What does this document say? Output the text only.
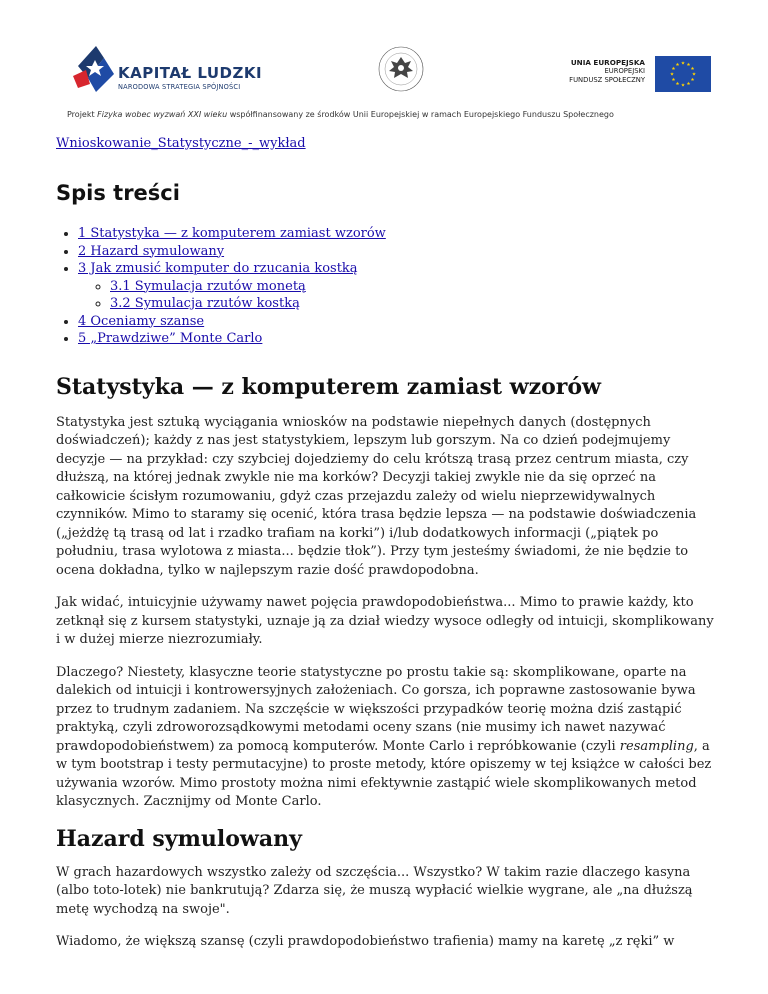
KAPITAŁ LUDZKI
NARODOWA STRATEGIA SPÓJNOŚCI
UNIA EUROPEJSKA
EUROPEJSKI
FUNDUSZ SPOŁECZNY
Projekt Fizyka wobec wyzwań XXI wieku współfinansowany ze środków Unii Europejskiej w ramach Europejskiego Funduszu Społecznego
Wnioskowanie_Statystyczne_-_wykład
Spis treści
• 1 Statystyka — z komputerem zamiast wzorów
• 2 Hazard symulowany
• 3 Jak zmusić komputer do rzucania kostką
◦ 3.1 Symulacja rzutów monetą
◦ 3.2 Symulacja rzutów kostką
• 4 Oceniamy szanse
• 5 „Prawdziwe” Monte Carlo
Statystyka — z komputerem zamiast wzorów

Statystyka jest sztuką wyciągania wniosków na podstawie niepełnych danych (dostępnych doświadczeń); każdy z nas jest statystykiem, lepszym lub gorszym. Na co dzień podejmujemy decyzje — na przykład: czy szybciej dojedziemy do celu krótszą trasą przez centrum miasta, czy dłuższą, na której jednak zwykle nie ma korków? Decyzji takiej zwykle nie da się oprzeć na całkowicie ścisłym rozumowaniu, gdyż czas przejazdu zależy od wielu nieprzewidywalnych czynników. Mimo to staramy się ocenić, która trasa będzie lepsza — na podstawie doświadczenia („jeżdżę tą trasą od lat i rzadko trafiam na korki”) i/lub dodatkowych informacji („piątek po południu, trasa wylotowa z miasta... będzie tłok”). Przy tym jesteśmy świadomi, że nie będzie to ocena dokładna, tylko w najlepszym razie dość prawdopodobna.

Jak widać, intuicyjnie używamy nawet pojęcia prawdopodobieństwa... Mimo to prawie każdy, kto zetknął się z kursem statystyki, uznaje ją za dział wiedzy wysoce odległy od intuicji, skomplikowany i w dużej mierze niezrozumiały.

Dlaczego? Niestety, klasyczne teorie statystyczne po prostu takie są: skomplikowane, oparte na dalekich od intuicji i kontrowersyjnych założeniach. Co gorsza, ich poprawne zastosowanie bywa przez to trudnym zadaniem. Na szczęście w większości przypadków teorię można dziś zastąpić praktyką, czyli zdroworozsądkowymi metodami oceny szans (nie musimy ich nawet nazywać prawdopodobieństwem) za pomocą komputerów. Monte Carlo i repróbkowanie (czyli resampling, a w tym bootstrap i testy permutacyjne) to proste metody, które opiszemy w tej książce w całości bez używania wzorów. Mimo prostoty można nimi efektywnie zastąpić wiele skomplikowanych metod klasycznych. Zacznijmy od Monte Carlo.

Hazard symulowany

W grach hazardowych wszystko zależy od szczęścia... Wszystko? W takim razie dlaczego kasyna (albo toto-lotek) nie bankrutują? Zdarza się, że muszą wypłacić wielkie wygrane, ale „na dłuższą metę wychodzą na swoje".

Wiadomo, że większą szansę (czyli prawdopodobieństwo trafienia) mamy na karetę „z ręki” w
